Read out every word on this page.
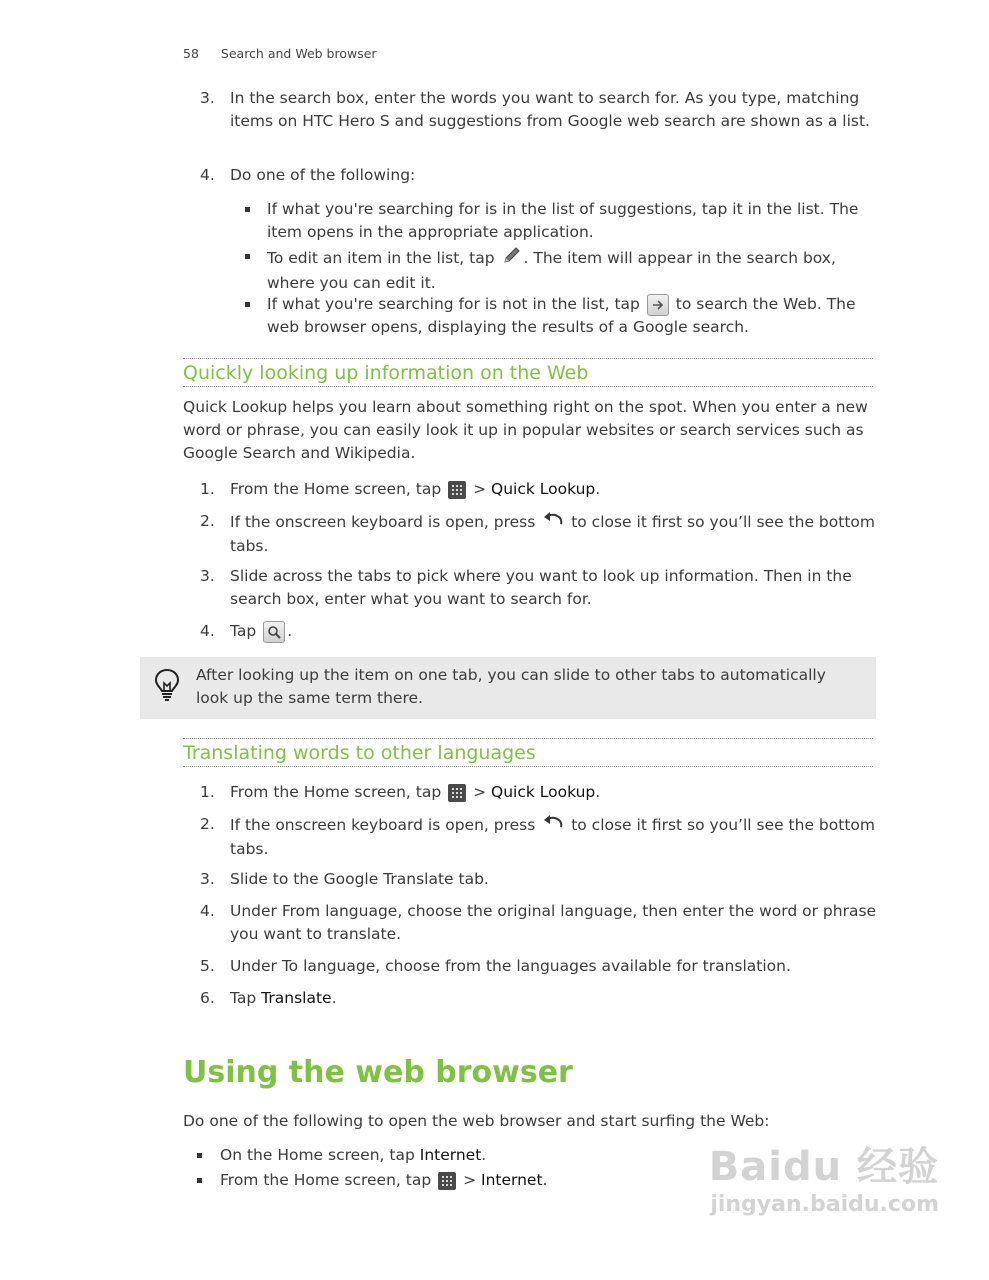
58 Search and Web browser
3. In the search box, enter the words you want to search for. As you type, matching items on HTC Hero S and suggestions from Google web search are shown as a list.
4. Do one of the following:
If what you're searching for is in the list of suggestions, tap it in the list. The item opens in the appropriate application.
To edit an item in the list, tap . The item will appear in the search box, where you can edit it.
If what you're searching for is not in the list, tap to search the Web. The web browser opens, displaying the results of a Google search.
Quickly looking up information on the Web
Quick Lookup helps you learn about something right on the spot. When you enter a new word or phrase, you can easily look it up in popular websites or search services such as Google Search and Wikipedia.
1. From the Home screen, tap > Quick Lookup.
2. If the onscreen keyboard is open, press to close it first so you’ll see the bottom tabs.
3. Slide across the tabs to pick where you want to look up information. Then in the search box, enter what you want to search for.
4. Tap .
After looking up the item on one tab, you can slide to other tabs to automatically look up the same term there.
Translating words to other languages
1. From the Home screen, tap > Quick Lookup.
2. If the onscreen keyboard is open, press to close it first so you’ll see the bottom tabs.
3. Slide to the Google Translate tab.
4. Under From language, choose the original language, then enter the word or phrase you want to translate.
5. Under To language, choose from the languages available for translation.
6. Tap Translate.
Using the web browser
Do one of the following to open the web browser and start surfing the Web:
On the Home screen, tap Internet.
From the Home screen, tap > Internet.	Baidu 经验
jingyan.baidu.com
